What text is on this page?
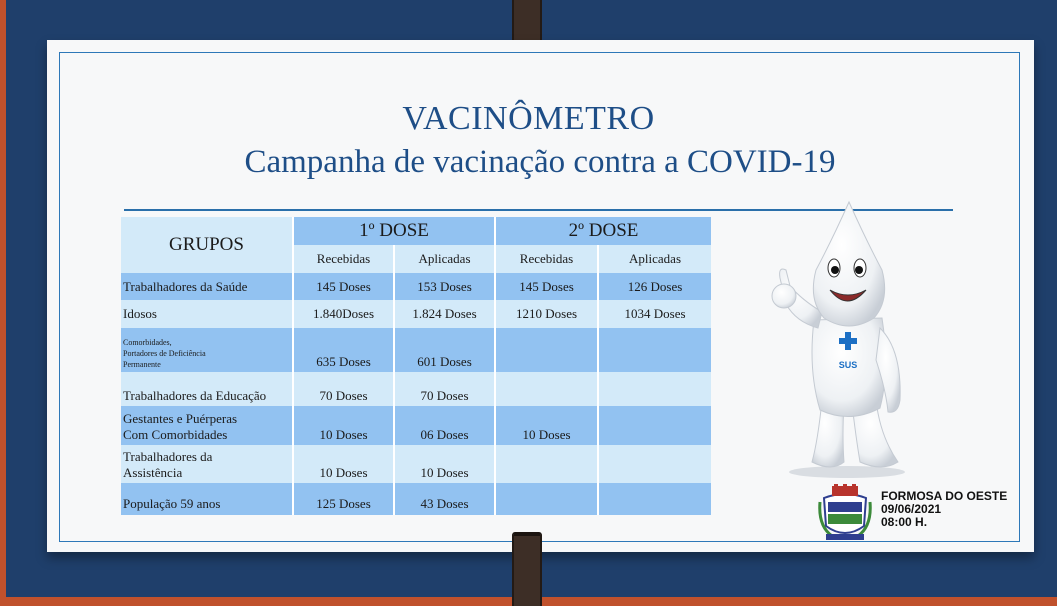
VACINÔMETRO
Campanha de vacinação contra a COVID-19
GRUPOS	1º DOSE		2º DOSE	
	Recebidas	Aplicadas	Recebidas	Aplicadas
Trabalhadores da Saúde	145 Doses	153 Doses	145 Doses	126 Doses
Idosos	1.840Doses	1.824 Doses	1210 Doses	1034 Doses

Comorbidades,
Portadores de Deficiência
Permanente	635 Doses	601 Doses		
Trabalhadores da Educação	70 Doses	70 Doses		

Gestantes e Puérperas
Com Comorbidades	10 Doses	06 Doses	10 Doses	

Trabalhadores da
Assistência	10 Doses	10 Doses		
População 59 anos	125 Doses	43 Doses		
SUS
FORMOSA DO OESTE
09/06/2021
08:00 H.
